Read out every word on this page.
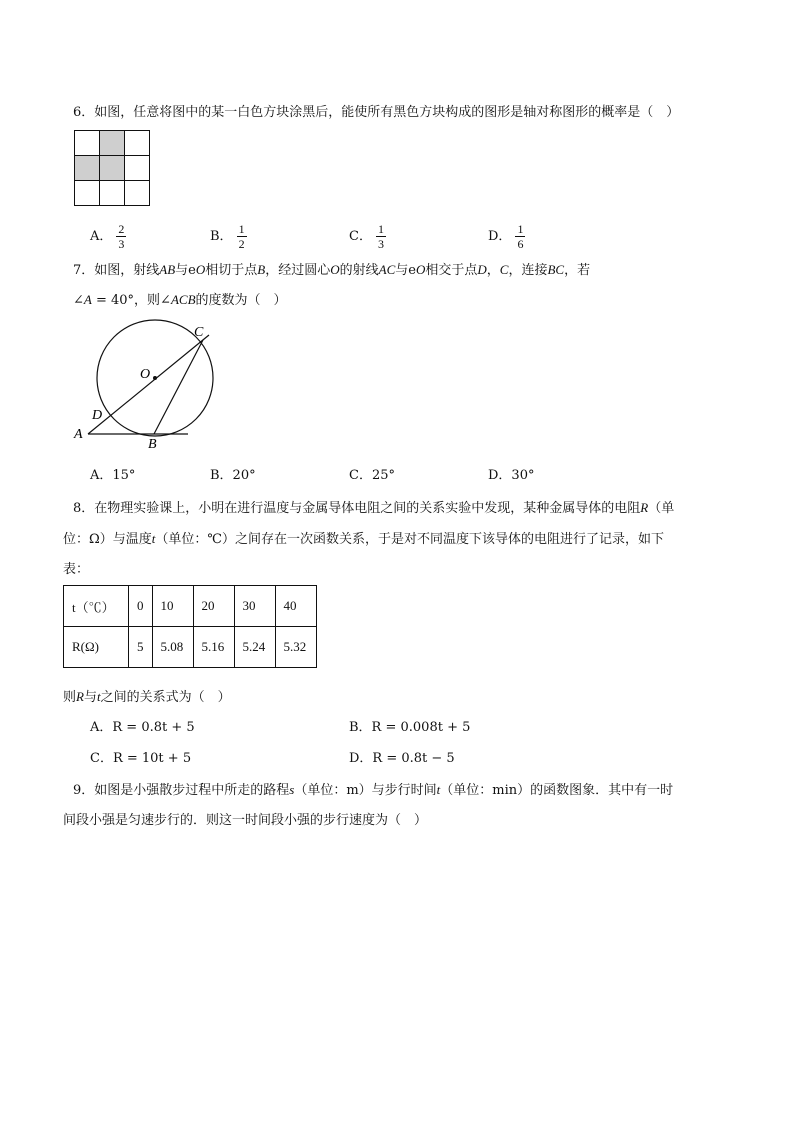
6．如图，任意将图中的某一白色方块涂黑后，能使所有黑色方块构成的图形是轴对称图形的概率是（　）

A． $\frac{2}{3}$	B． $\frac{1}{2}$	C． $\frac{1}{3}$	D． $\frac{1}{6}$
7．如图，射线AB与eO相切于点B，经过圆心O的射线AC与eO相交于点D，C，连接BC，若
∠A = 40°，则∠ACB的度数为（　）
C
O
D
A
B
A．15°	B．20°	C．25°	D．30°
8．在物理实验课上，小明在进行温度与金属导体电阻之间的关系实验中发现，某种金属导体的电阻R（单
位：Ω）与温度t（单位：℃）之间存在一次函数关系，于是对不同温度下该导体的电阻进行了记录，如下
表：
t（℃）	0	10	20	30	40
R(Ω)	5	5.08	5.16	5.24	5.32
则R与t之间的关系式为（　）
A．R = 0.8t + 5	B．R = 0.008t + 5
C．R = 10t + 5	D．R = 0.8t − 5
9．如图是小强散步过程中所走的路程s（单位：m）与步行时间t（单位：min）的函数图象．其中有一时
间段小强是匀速步行的．则这一时间段小强的步行速度为（　）
